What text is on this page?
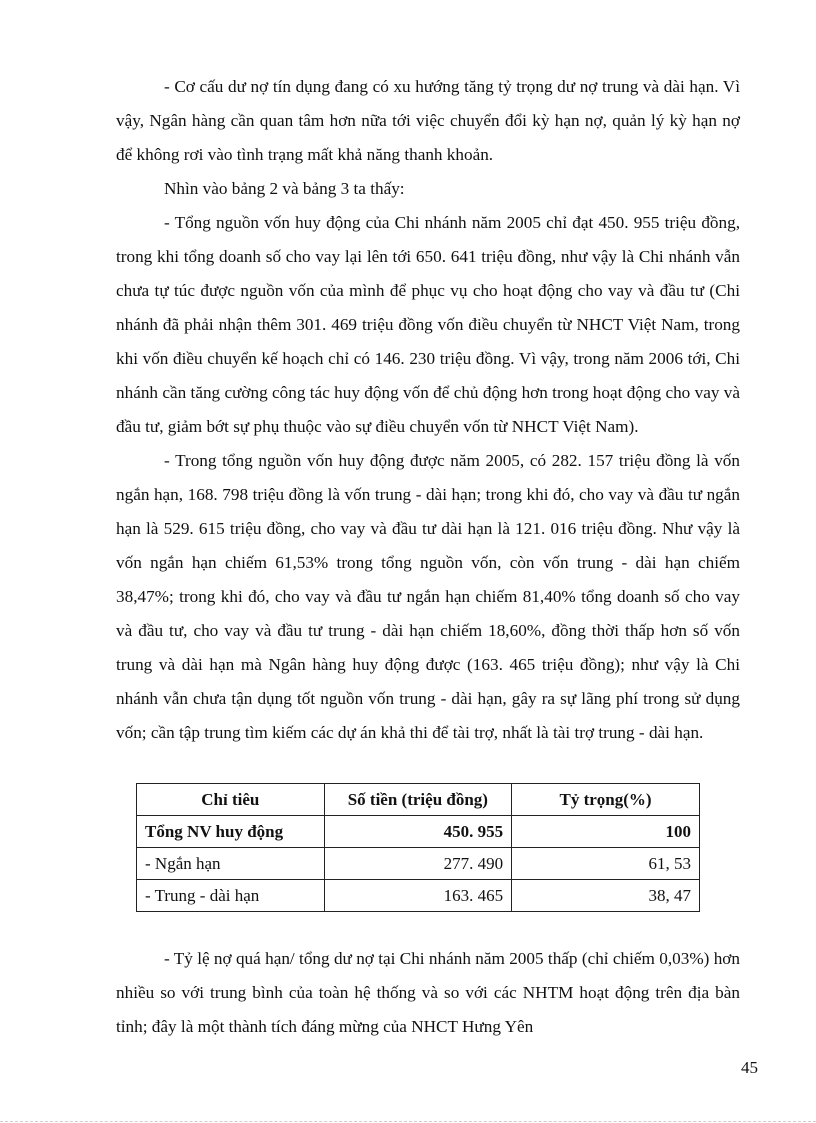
- Cơ cấu dư nợ tín dụng đang có xu hướng tăng tỷ trọng dư nợ trung và dài hạn. Vì vậy, Ngân hàng cần quan tâm hơn nữa tới việc chuyển đổi kỳ hạn nợ, quản lý kỳ hạn nợ để không rơi vào tình trạng mất khả năng thanh khoản.

Nhìn vào bảng 2 và bảng 3 ta thấy:

- Tổng nguồn vốn huy động của Chi nhánh năm 2005 chỉ đạt 450. 955 triệu đồng, trong khi tổng doanh số cho vay lại lên tới 650. 641 triệu đồng, như vậy là Chi nhánh vẫn chưa tự túc được nguồn vốn của mình để phục vụ cho hoạt động cho vay và đầu tư (Chi nhánh đã phải nhận thêm 301. 469 triệu đồng vốn điều chuyển từ NHCT Việt Nam, trong khi vốn điều chuyển kế hoạch chỉ có 146. 230 triệu đồng. Vì vậy, trong năm 2006 tới, Chi nhánh cần tăng cường công tác huy động vốn để chủ động hơn trong hoạt động cho vay và đầu tư, giảm bớt sự phụ thuộc vào sự điều chuyển vốn từ NHCT Việt Nam).

- Trong tổng nguồn vốn huy động được năm 2005, có 282. 157 triệu đồng là vốn ngắn hạn, 168. 798 triệu đồng là vốn trung - dài hạn; trong khi đó, cho vay và đầu tư ngắn hạn là 529. 615 triệu đồng, cho vay và đầu tư dài hạn là 121. 016 triệu đồng. Như vậy là vốn ngắn hạn chiếm 61,53% trong tổng nguồn vốn, còn vốn trung - dài hạn chiếm 38,47%; trong khi đó, cho vay và đầu tư ngắn hạn chiếm 81,40% tổng doanh số cho vay và đầu tư, cho vay và đầu tư trung - dài hạn chiếm 18,60%, đồng thời thấp hơn số vốn trung và dài hạn mà Ngân hàng huy động được (163. 465 triệu đồng); như vậy là Chi nhánh vẫn chưa tận dụng tốt nguồn vốn trung - dài hạn, gây ra sự lãng phí trong sử dụng vốn; cần tập trung tìm kiếm các dự án khả thi để tài trợ, nhất là tài trợ trung - dài hạn.

Chỉ tiêu	Số tiền (triệu đồng)	Tỷ trọng(%)
Tổng NV huy động	450. 955	100
- Ngắn hạn	277. 490	61, 53
- Trung - dài hạn	163. 465	38, 47

- Tỷ lệ nợ quá hạn/ tổng dư nợ tại Chi nhánh năm 2005 thấp (chỉ chiếm 0,03%) hơn nhiều so với trung bình của toàn hệ thống và so với các NHTM hoạt động trên địa bàn tỉnh; đây là một thành tích đáng mừng của NHCT Hưng Yên

45
